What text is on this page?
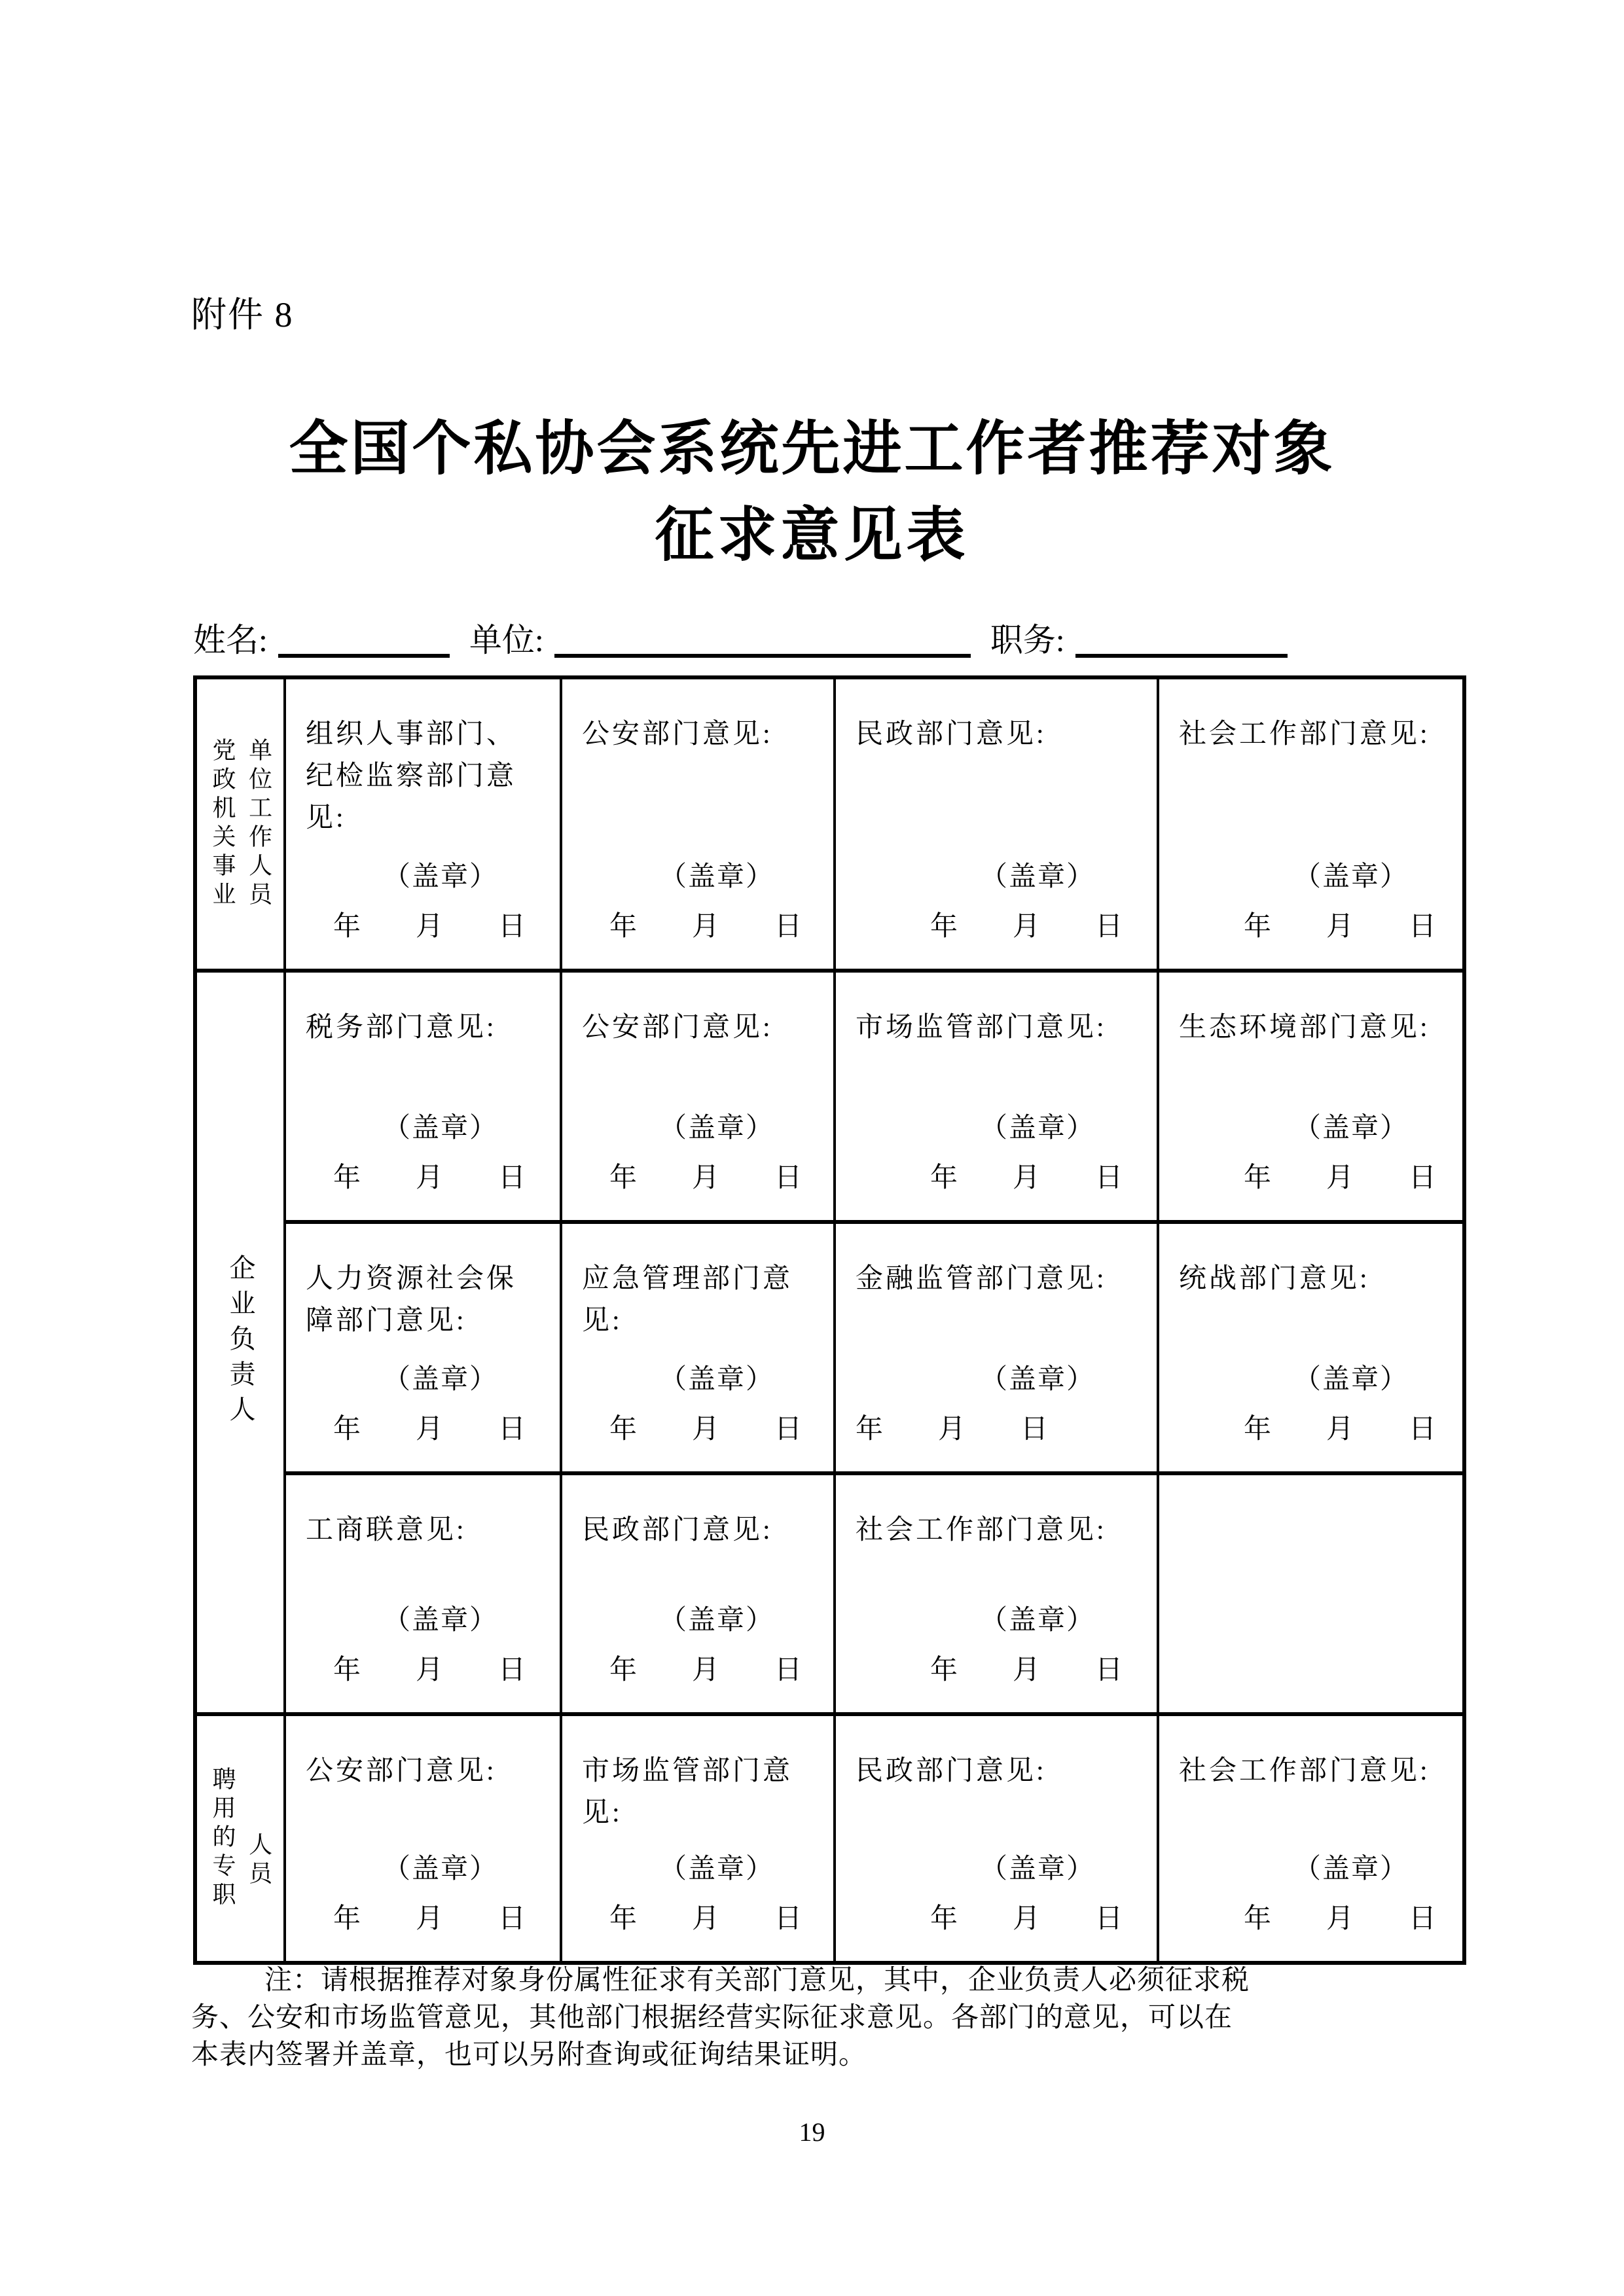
附件 8
全国个私协会系统先进工作者推荐对象
征求意见表
姓名:	单位:	职务:
党政机关事业 单位工作人员
企业负责人
聘用的专职 人员
组织人事部门、纪检监察部门意见:
（盖章）
年　　月　　日
公安部门意见:
（盖章）
年　　月　　日
民政部门意见:
（盖章）
年　　月　　日
社会工作部门意见:
（盖章）
年　　月　　日
税务部门意见:
（盖章）
年　　月　　日
公安部门意见:
（盖章）
年　　月　　日
市场监管部门意见:
（盖章）
年　　月　　日
生态环境部门意见:
（盖章）
年　　月　　日
人力资源社会保障部门意见:
（盖章）
年　　月　　日
应急管理部门意见:
（盖章）
年　　月　　日
金融监管部门意见:
（盖章）
年　　月　　日
统战部门意见:
（盖章）
年　　月　　日
工商联意见:
（盖章）
年　　月　　日
民政部门意见:
（盖章）
年　　月　　日
社会工作部门意见:
（盖章）
年　　月　　日
公安部门意见:
（盖章）
年　　月　　日
市场监管部门意见:
（盖章）
年　　月　　日
民政部门意见:
（盖章）
年　　月　　日
社会工作部门意见:
（盖章）
年　　月　　日
注：请根据推荐对象身份属性征求有关部门意见，其中，企业负责人必须征求税
务、公安和市场监管意见，其他部门根据经营实际征求意见。各部门的意见，可以在
本表内签署并盖章，也可以另附查询或征询结果证明。
19
